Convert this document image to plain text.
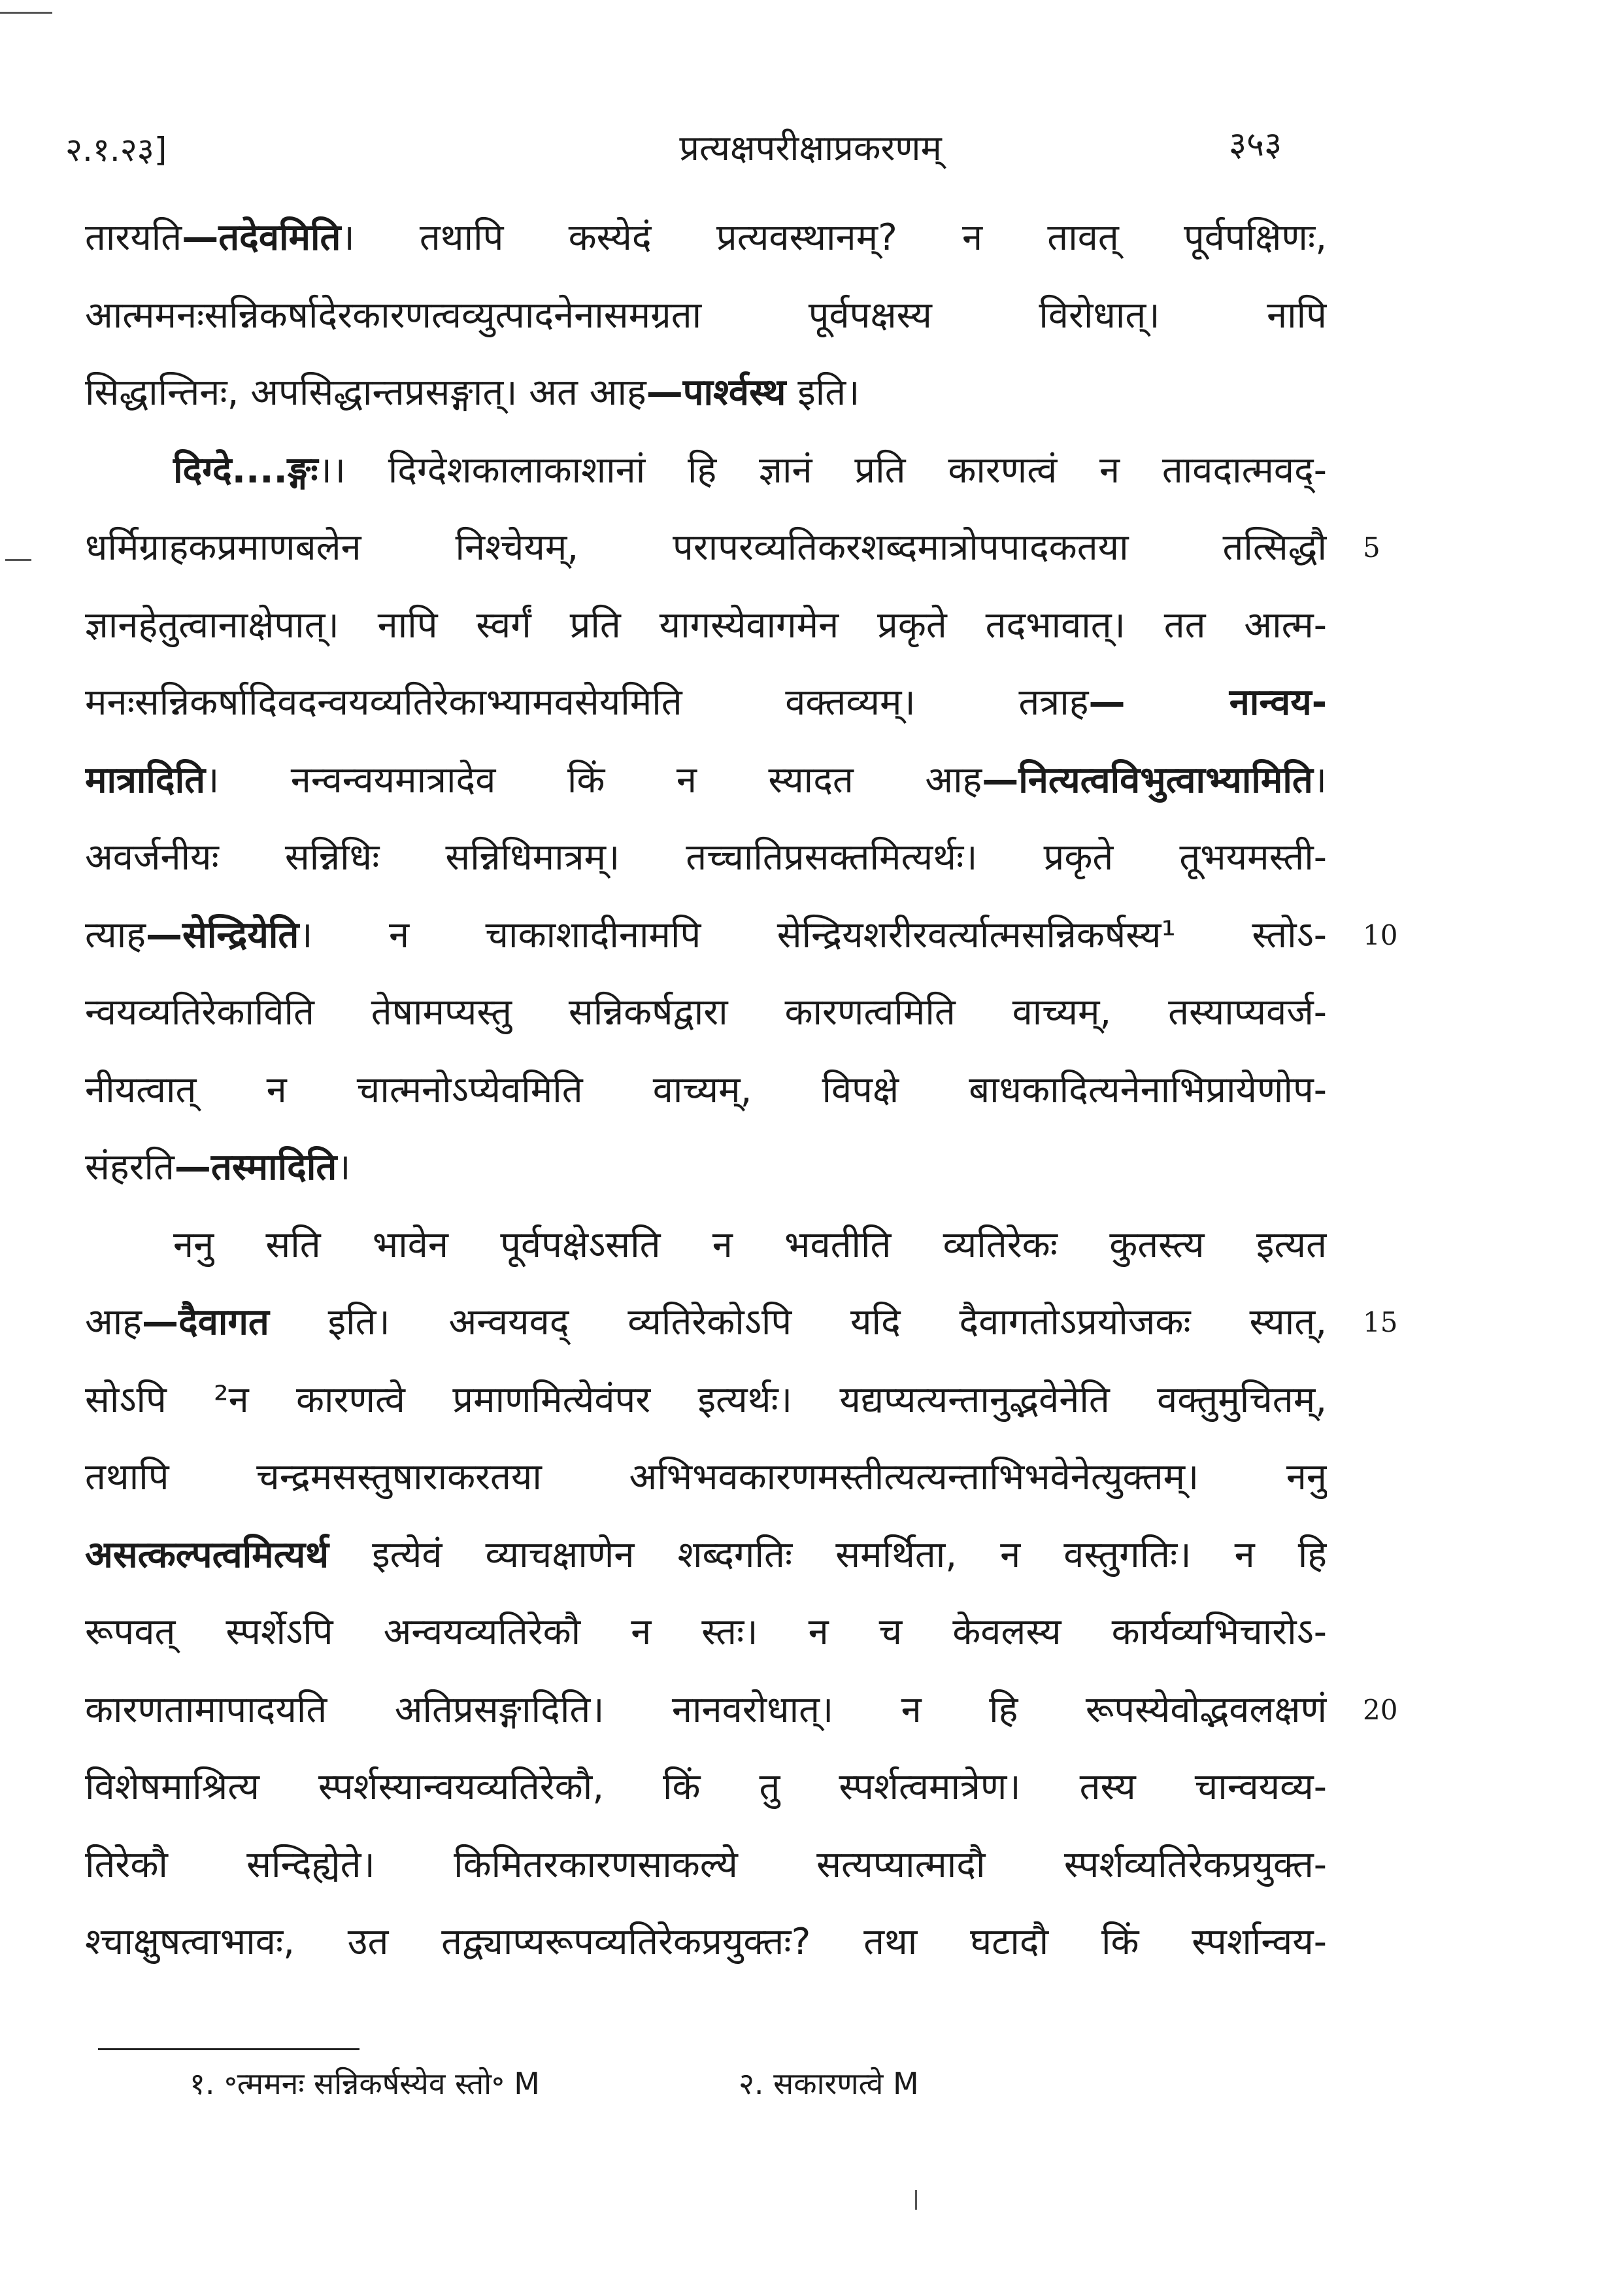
२.१.२३]	प्रत्यक्षपरीक्षाप्रकरणम्	३५३
तारयति—तदेवमिति। तथापि कस्येदं प्रत्यवस्थानम्? न तावत् पूर्वपक्षिणः,
आत्ममनःसन्निकर्षादेरकारणत्वव्युत्पादनेनासमग्रता पूर्वपक्षस्य विरोधात्। नापि
सिद्धान्तिनः, अपसिद्धान्तप्रसङ्गात्। अत आह—पार्श्वस्थ इति।
दिग्दे....ङ्गः।। दिग्देशकालाकाशानां हि ज्ञानं प्रति कारणत्वं न तावदात्मवद्-
धर्मिग्राहकप्रमाणबलेन निश्चेयम्, परापरव्यतिकरशब्दमात्रोपपादकतया तत्सिद्धौ
ज्ञानहेतुत्वानाक्षेपात्। नापि स्वर्गं प्रति यागस्येवागमेन प्रकृते तदभावात्। तत आत्म-
मनःसन्निकर्षादिवदन्वयव्यतिरेकाभ्यामवसेयमिति वक्तव्यम्। तत्राह— नान्वय-
मात्रादिति। नन्वन्वयमात्रादेव किं न स्यादत आह—नित्यत्वविभुत्वाभ्यामिति।
अवर्जनीयः सन्निधिः सन्निधिमात्रम्। तच्चातिप्रसक्तमित्यर्थः। प्रकृते तूभयमस्ती-
त्याह—सेन्द्रियेति। न चाकाशादीनामपि सेन्द्रियशरीरवर्त्यात्मसन्निकर्षस्य¹ स्तोऽ-
न्वयव्यतिरेकाविति तेषामप्यस्तु सन्निकर्षद्वारा कारणत्वमिति वाच्यम्, तस्याप्यवर्ज-
नीयत्वात् न चात्मनोऽप्येवमिति वाच्यम्, विपक्षे बाधकादित्यनेनाभिप्रायेणोप-
संहरति—तस्मादिति।
ननु सति भावेन पूर्वपक्षेऽसति न भवतीति व्यतिरेकः कुतस्त्य इत्यत
आह—दैवागत इति। अन्वयवद् व्यतिरेकोऽपि यदि दैवागतोऽप्रयोजकः स्यात्,
सोऽपि ²न कारणत्वे प्रमाणमित्येवंपर इत्यर्थः। यद्यप्यत्यन्तानुद्भवेनेति वक्तुमुचितम्,
तथापि चन्द्रमसस्तुषाराकरतया अभिभवकारणमस्तीत्यत्यन्ताभिभवेनेत्युक्तम्। ननु
असत्कल्पत्वमित्यर्थ इत्येवं व्याचक्षाणेन शब्दगतिः समर्थिता, न वस्तुगतिः। न हि
रूपवत् स्पर्शेऽपि अन्वयव्यतिरेकौ न स्तः। न च केवलस्य कार्यव्यभिचारोऽ-
कारणतामापादयति अतिप्रसङ्गादिति। नानवरोधात्। न हि रूपस्येवोद्भवलक्षणं
विशेषमाश्रित्य स्पर्शस्यान्वयव्यतिरेकौ, किं तु स्पर्शत्वमात्रेण। तस्य चान्वयव्य-
तिरेकौ सन्दिह्येते। किमितरकारणसाकल्ये सत्यप्यात्मादौ स्पर्शव्यतिरेकप्रयुक्त-
श्चाक्षुषत्वाभावः, उत तद्व्याप्यरूपव्यतिरेकप्रयुक्तः? तथा घटादौ किं स्पर्शान्वय-
१. ॰त्ममनः सन्निकर्षस्येव स्तो॰ M	२. सकारणत्वे M
5
10
15
20
